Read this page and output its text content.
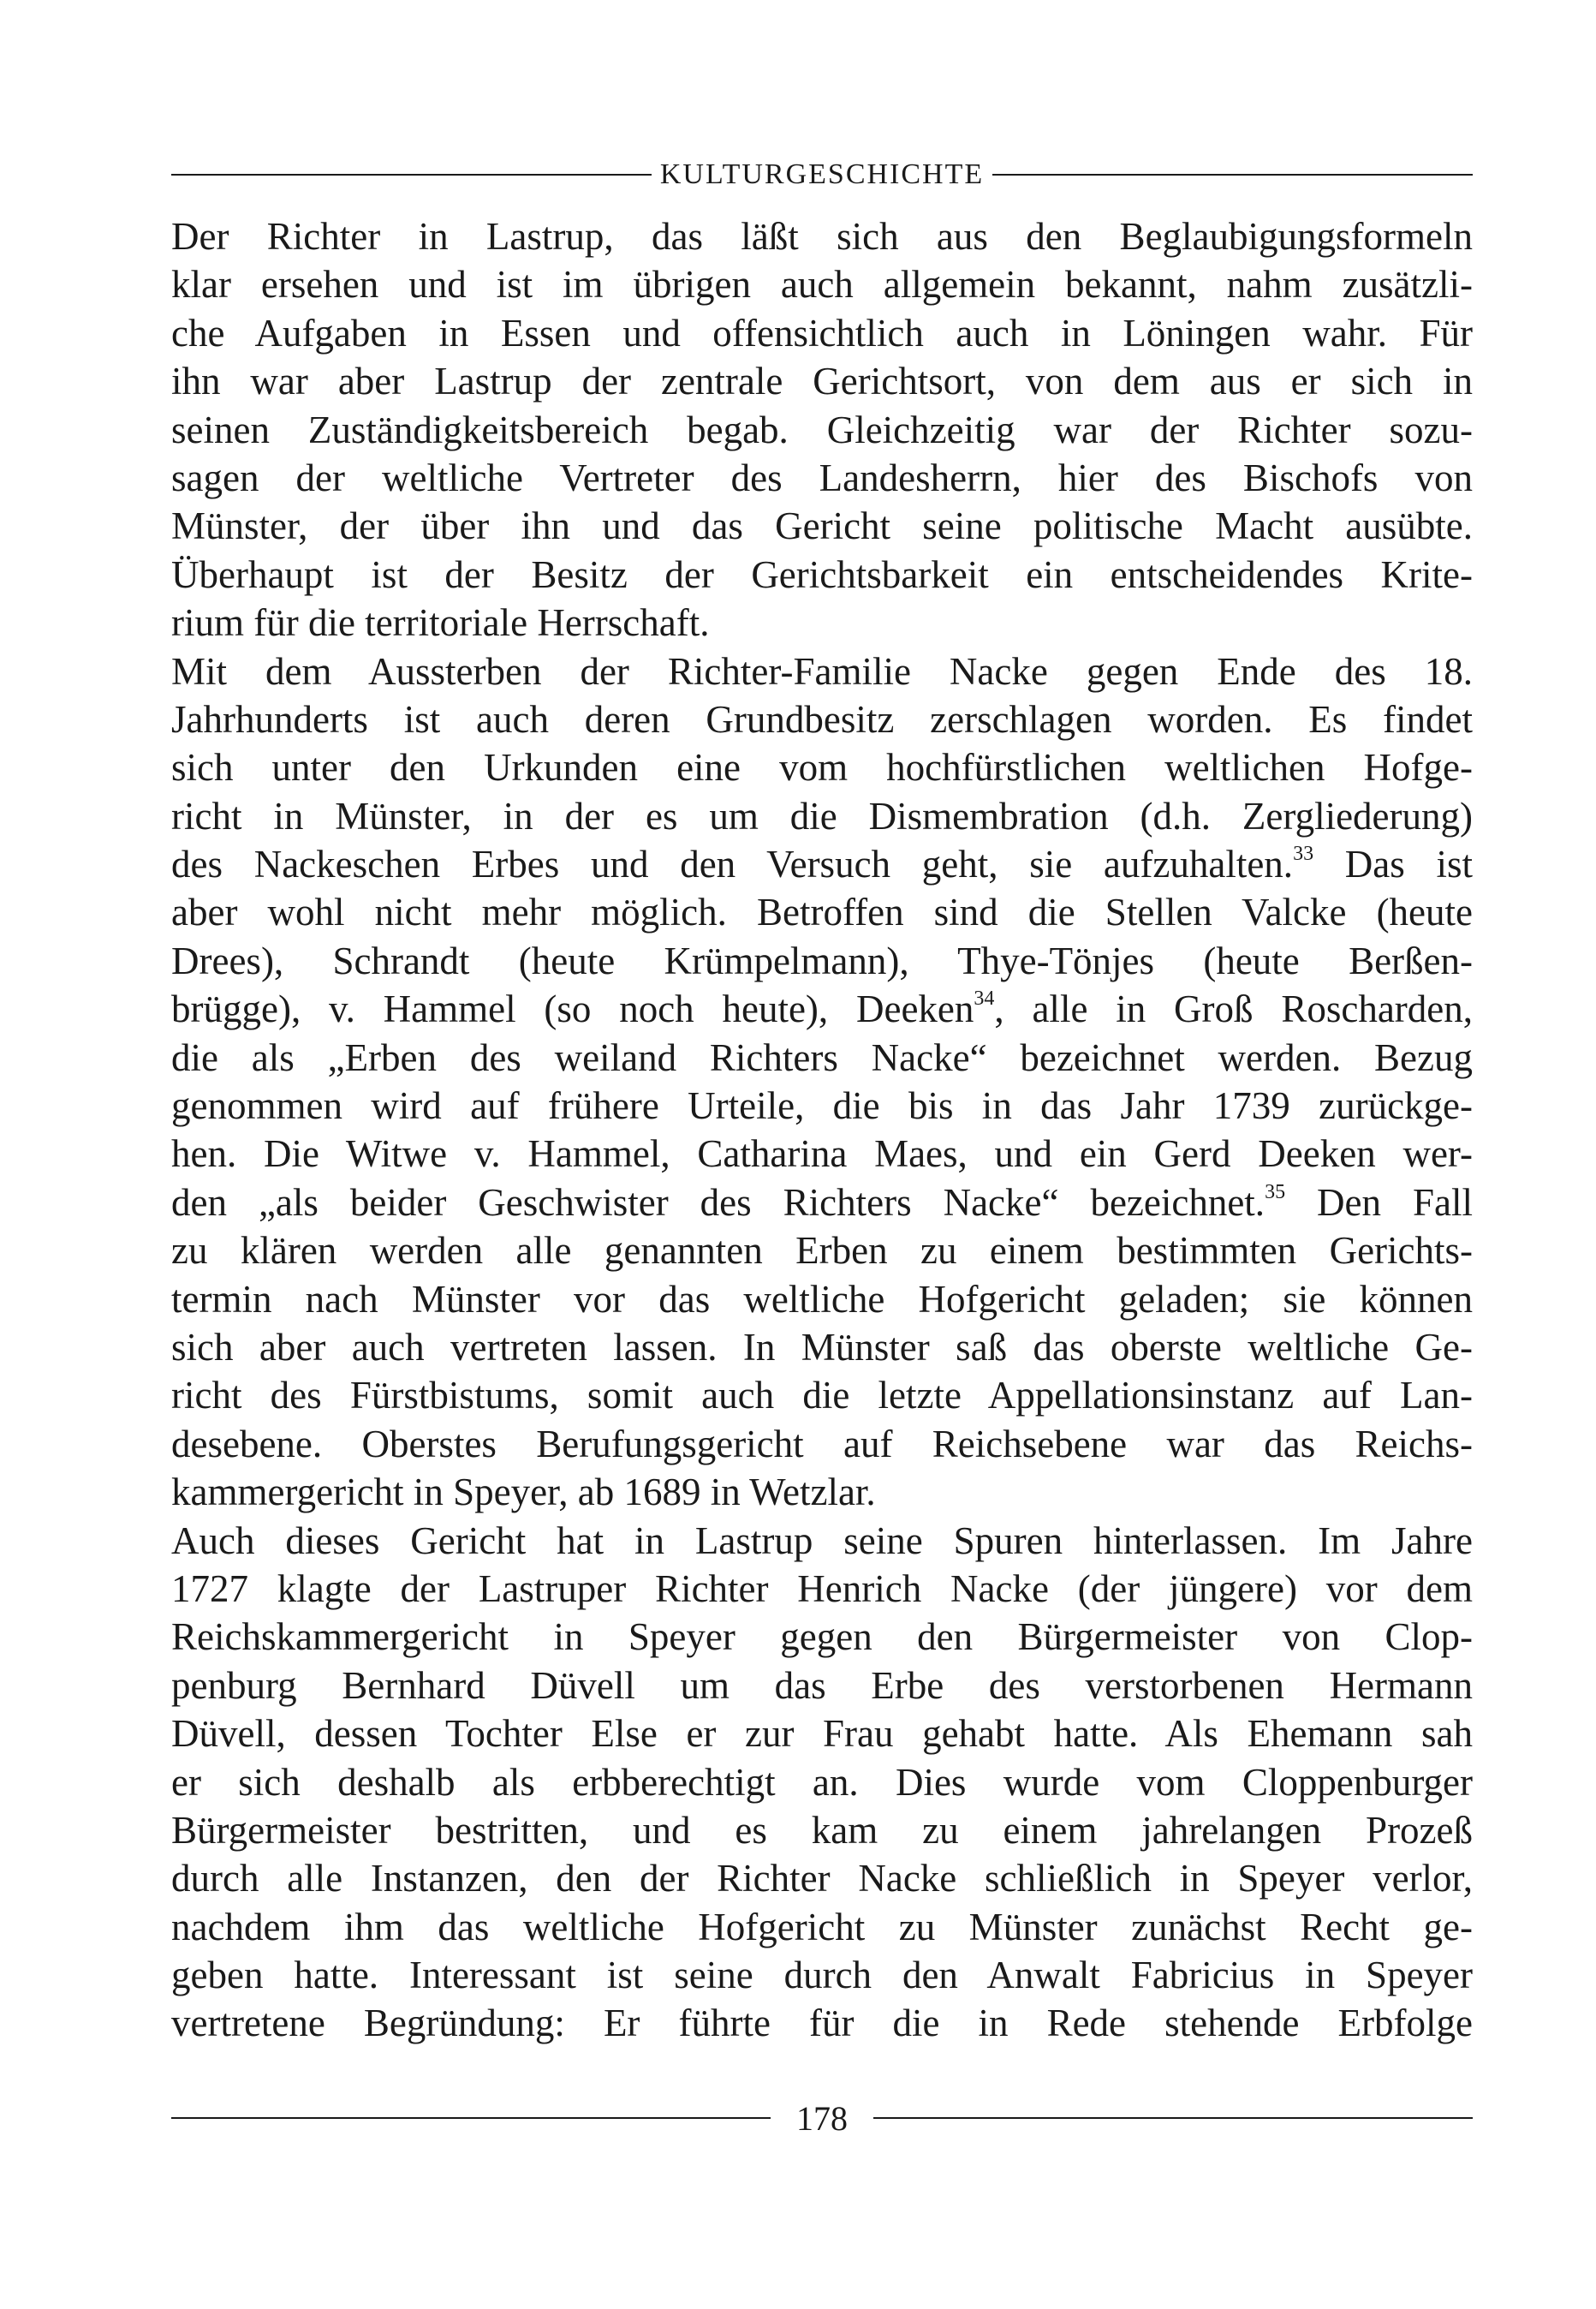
KULTURGESCHICHTE
Der Richter in Lastrup, das läßt sich aus den Beglaubigungsformeln
klar ersehen und ist im übrigen auch allgemein bekannt, nahm zusätzli-
che Aufgaben in Essen und offensichtlich auch in Löningen wahr. Für
ihn war aber Lastrup der zentrale Gerichtsort, von dem aus er sich in
seinen Zuständigkeitsbereich begab. Gleichzeitig war der Richter sozu-
sagen der weltliche Vertreter des Landesherrn, hier des Bischofs von
Münster, der über ihn und das Gericht seine politische Macht ausübte.
Überhaupt ist der Besitz der Gerichtsbarkeit ein entscheidendes Krite-
rium für die territoriale Herrschaft.
Mit dem Aussterben der Richter-Familie Nacke gegen Ende des 18.
Jahrhunderts ist auch deren Grundbesitz zerschlagen worden. Es findet
sich unter den Urkunden eine vom hochfürstlichen weltlichen Hofge-
richt in Münster, in der es um die Dismembration (d.h. Zergliederung)
des Nackeschen Erbes und den Versuch geht, sie aufzuhalten.$^{33}$ Das ist
aber wohl nicht mehr möglich. Betroffen sind die Stellen Valcke (heute
Drees), Schrandt (heute Krümpelmann), Thye-Tönjes (heute Berßen-
brügge), v. Hammel (so noch heute), Deeken$^{34}$, alle in Groß Roscharden,
die als „Erben des weiland Richters Nacke“ bezeichnet werden. Bezug
genommen wird auf frühere Urteile, die bis in das Jahr 1739 zurückge-
hen. Die Witwe v. Hammel, Catharina Maes, und ein Gerd Deeken wer-
den „als beider Geschwister des Richters Nacke“ bezeichnet.$^{35}$ Den Fall
zu klären werden alle genannten Erben zu einem bestimmten Gerichts-
termin nach Münster vor das weltliche Hofgericht geladen; sie können
sich aber auch vertreten lassen. In Münster saß das oberste weltliche Ge-
richt des Fürstbistums, somit auch die letzte Appellationsinstanz auf Lan-
desebene. Oberstes Berufungsgericht auf Reichsebene war das Reichs-
kammergericht in Speyer, ab 1689 in Wetzlar.
Auch dieses Gericht hat in Lastrup seine Spuren hinterlassen. Im Jahre
1727 klagte der Lastruper Richter Henrich Nacke (der jüngere) vor dem
Reichskammergericht in Speyer gegen den Bürgermeister von Clop-
penburg Bernhard Düvell um das Erbe des verstorbenen Hermann
Düvell, dessen Tochter Else er zur Frau gehabt hatte. Als Ehemann sah
er sich deshalb als erbberechtigt an. Dies wurde vom Cloppenburger
Bürgermeister bestritten, und es kam zu einem jahrelangen Prozeß
durch alle Instanzen, den der Richter Nacke schließlich in Speyer verlor,
nachdem ihm das weltliche Hofgericht zu Münster zunächst Recht ge-
geben hatte. Interessant ist seine durch den Anwalt Fabricius in Speyer
vertretene Begründung: Er führte für die in Rede stehende Erbfolge
178
